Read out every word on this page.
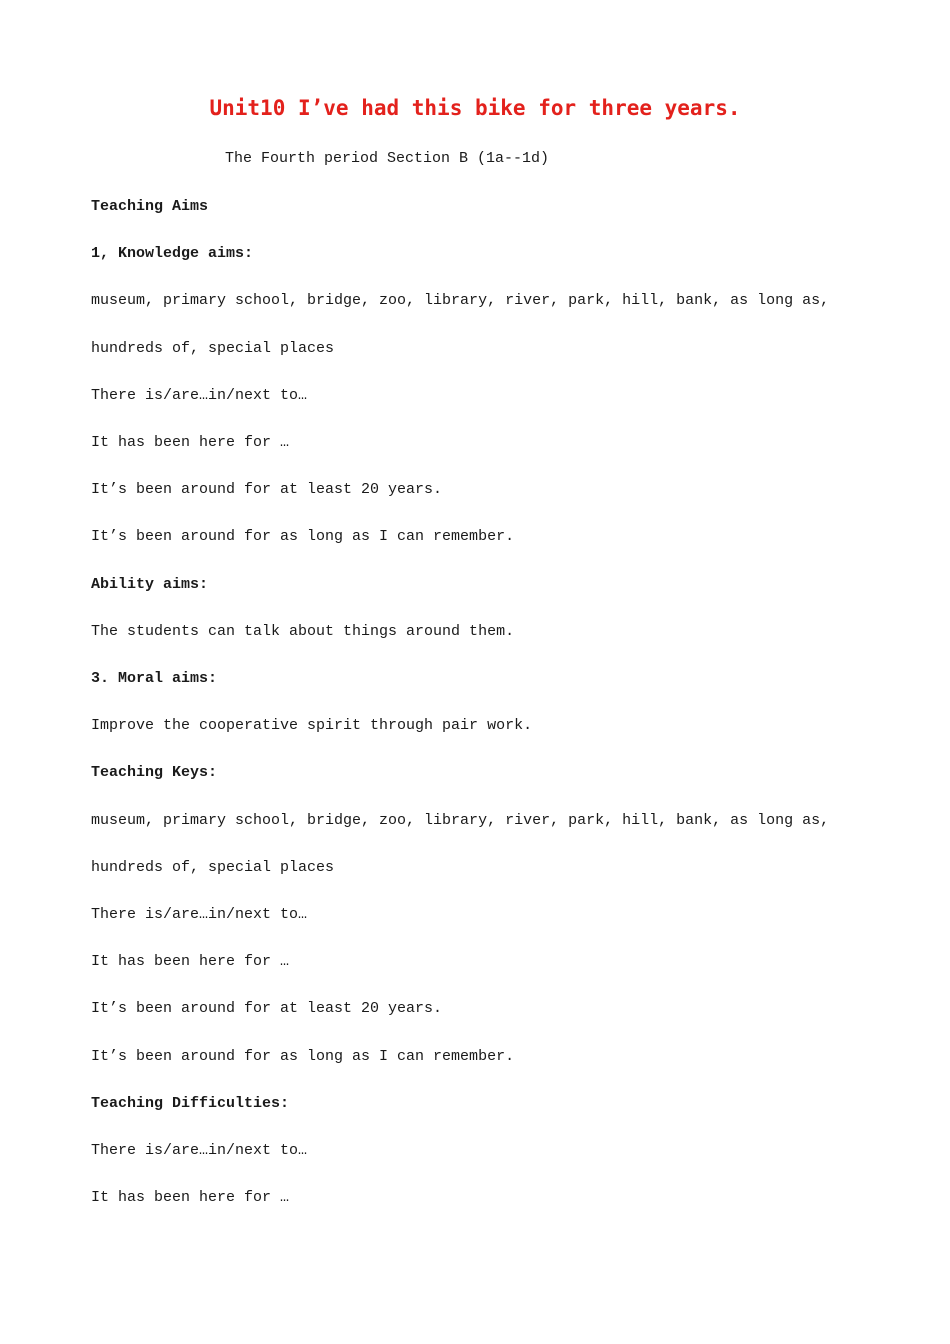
Unit10 I’ve had this bike for three years.
The Fourth period Section B (1a--1d)
Teaching Aims
1, Knowledge aims:
museum, primary school, bridge, zoo, library, river, park, hill, bank, as long as,
hundreds of, special places
There is/are…in/next to…
It has been here for …
It’s been around for at least 20 years.
It’s been around for as long as I can remember.
Ability aims:
The students can talk about things around them.
3. Moral aims:
Improve the cooperative spirit through pair work.
Teaching Keys:
museum, primary school, bridge, zoo, library, river, park, hill, bank, as long as,
hundreds of, special places
There is/are…in/next to…
It has been here for …
It’s been around for at least 20 years.
It’s been around for as long as I can remember.
Teaching Difficulties:
There is/are…in/next to…
It has been here for …
